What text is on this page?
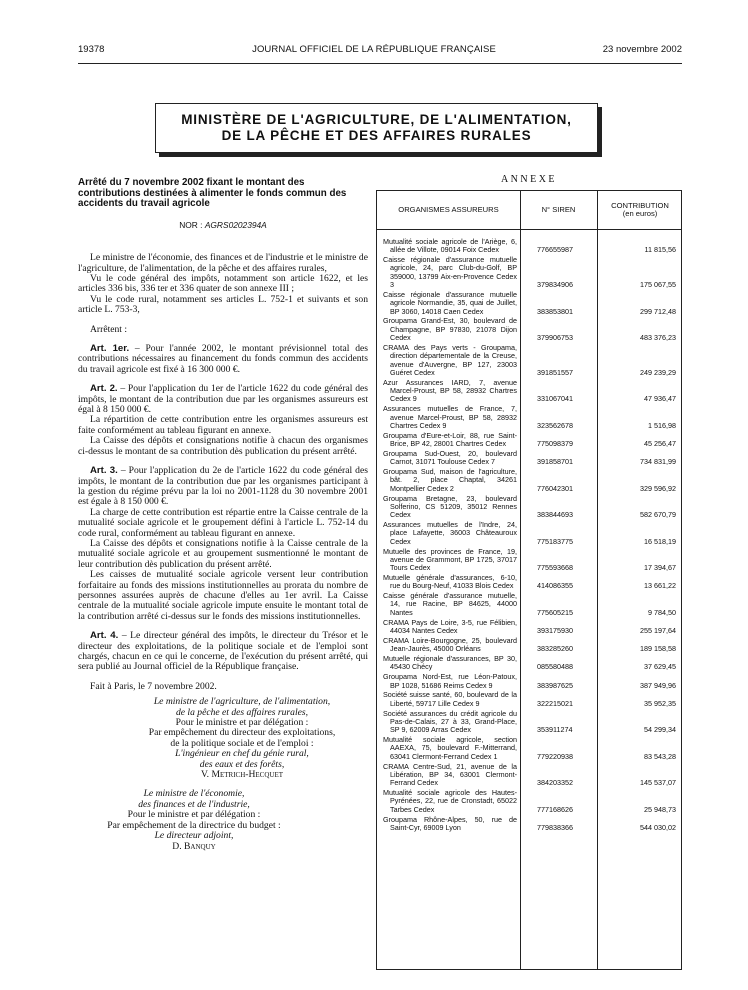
19378	JOURNAL OFFICIEL DE LA RÉPUBLIQUE FRANÇAISE	23 novembre 2002
MINISTÈRE DE L'AGRICULTURE, DE L'ALIMENTATION,
DE LA PÊCHE ET DES AFFAIRES RURALES
Arrêté du 7 novembre 2002 fixant le montant des contributions destinées à alimenter le fonds commun des accidents du travail agricole
NOR : AGRS0202394A

Le ministre de l'économie, des finances et de l'industrie et le ministre de l'agriculture, de l'alimentation, de la pêche et des affaires rurales,

Vu le code général des impôts, notamment son article 1622, et les articles 336 bis, 336 ter et 336 quater de son annexe III ;

Vu le code rural, notamment ses articles L. 752-1 et suivants et son article L. 753-3,

Arrêtent :

Art. 1er. – Pour l'année 2002, le montant prévisionnel total des contributions nécessaires au financement du fonds commun des accidents du travail agricole est fixé à 16 300 000 €.

Art. 2. – Pour l'application du 1er de l'article 1622 du code général des impôts, le montant de la contribution due par les organismes assureurs est égal à 8 150 000 €.

La répartition de cette contribution entre les organismes assureurs est faite conformément au tableau figurant en annexe.

La Caisse des dépôts et consignations notifie à chacun des organismes ci-dessus le montant de sa contribution dès publication du présent arrêté.

Art. 3. – Pour l'application du 2e de l'article 1622 du code général des impôts, le montant de la contribution due par les organismes participant à la gestion du régime prévu par la loi no 2001-1128 du 30 novembre 2001 est égale à 8 150 000 €.

La charge de cette contribution est répartie entre la Caisse centrale de la mutualité sociale agricole et le groupement défini à l'article L. 752-14 du code rural, conformément au tableau figurant en annexe.

La Caisse des dépôts et consignations notifie à la Caisse centrale de la mutualité sociale agricole et au groupement susmentionné le montant de leur contribution dès publication du présent arrêté.

Les caisses de mutualité sociale agricole versent leur contribution forfaitaire au fonds des missions institutionnelles au prorata du nombre de personnes assurées auprès de chacune d'elles au 1er avril. La Caisse centrale de la mutualité sociale agricole impute ensuite le montant total de la contribution arrêté ci-dessus sur le fonds des missions institutionnelles.

Art. 4. – Le directeur général des impôts, le directeur du Trésor et le directeur des exploitations, de la politique sociale et de l'emploi sont chargés, chacun en ce qui le concerne, de l'exécution du présent arrêté, qui sera publié au Journal officiel de la République française.

Fait à Paris, le 7 novembre 2002.

Le ministre de l'agriculture, de l'alimentation,
de la pêche et des affaires rurales,
Pour le ministre et par délégation :
Par empêchement du directeur des exploitations,
de la politique sociale et de l'emploi :
L'ingénieur en chef du génie rural,
des eaux et des forêts,
V. Metrich-Hecquet
Le ministre de l'économie,
des finances et de l'industrie,
Pour le ministre et par délégation :
Par empêchement de la directrice du budget :
Le directeur adjoint,
D. Banquy
ANNEXE
ORGANISMES ASSUREURS	N° SIREN	CONTRIBUTION
(en euros)
Mutualité sociale agricole de l'Ariège, 6, allée de Villote, 09014 Foix Cedex	776655987	11 815,56
Caisse régionale d'assurance mutuelle agricole, 24, parc Club-du-Golf, BP 359000, 13799 Aix-en-Provence Cedex 3	379834906	175 067,55
Caisse régionale d'assurance mutuelle agricole Normandie, 35, quai de Juillet, BP 3060, 14018 Caen Cedex	383853801	299 712,48
Groupama Grand-Est, 30, boulevard de Champagne, BP 97830, 21078 Dijon Cedex	379906753	483 376,23
CRAMA des Pays verts - Groupama, direction départementale de la Creuse, avenue d'Auvergne, BP 127, 23003 Guéret Cedex	391851557	249 239,29
Azur Assurances IARD, 7, avenue Marcel-Proust, BP 58, 28932 Chartres Cedex 9	331067041	47 936,47
Assurances mutuelles de France, 7, avenue Marcel-Proust, BP 58, 28932 Chartres Cedex 9	323562678	1 516,98
Groupama d'Eure-et-Loir, 88, rue Saint-Brice, BP 42, 28001 Chartres Cedex	775098379	45 256,47
Groupama Sud-Ouest, 20, boulevard Carnot, 31071 Toulouse Cedex 7	391858701	734 831,99
Groupama Sud, maison de l'agriculture, bât. 2, place Chaptal, 34261 Montpellier Cedex 2	776042301	329 596,92
Groupama Bretagne, 23, boulevard Solferino, CS 51209, 35012 Rennes Cedex	383844693	582 670,79
Assurances mutuelles de l'Indre, 24, place Lafayette, 36003 Châteauroux Cedex	775183775	16 518,19
Mutuelle des provinces de France, 19, avenue de Grammont, BP 1725, 37017 Tours Cedex	775593668	17 394,67
Mutuelle générale d'assurances, 6-10, rue du Bourg-Neuf, 41033 Blois Cedex	414086355	13 661,22
Caisse générale d'assurance mutuelle, 14, rue Racine, BP 84625, 44000 Nantes	775605215	9 784,50
CRAMA Pays de Loire, 3-5, rue Félibien, 44034 Nantes Cedex	393175930	255 197,64
CRAMA Loire-Bourgogne, 25, boulevard Jean-Jaurès, 45000 Orléans	383285260	189 158,58
Mutuelle régionale d'assurances, BP 30, 45430 Chécy	085580488	37 629,45
Groupama Nord-Est, rue Léon-Patoux, BP 1028, 51686 Reims Cedex 9	383987625	387 949,96
Société suisse santé, 60, boulevard de la Liberté, 59717 Lille Cedex 9	322215021	35 952,35
Société assurances du crédit agricole du Pas-de-Calais, 27 à 33, Grand-Place, SP 9, 62009 Arras Cedex	353911274	54 299,34
Mutualité sociale agricole, section AAEXA, 75, boulevard F.-Mitterrand, 63041 Clermont-Ferrand Cedex 1	779220938	83 543,28
CRAMA Centre-Sud, 21, avenue de la Libération, BP 34, 63001 Clermont-Ferrand Cedex	384203352	145 537,07
Mutualité sociale agricole des Hautes-Pyrénées, 22, rue de Cronstadt, 65022 Tarbes Cedex	777168626	25 948,73
Groupama Rhône-Alpes, 50, rue de Saint-Cyr, 69009 Lyon	779838366	544 030,02
